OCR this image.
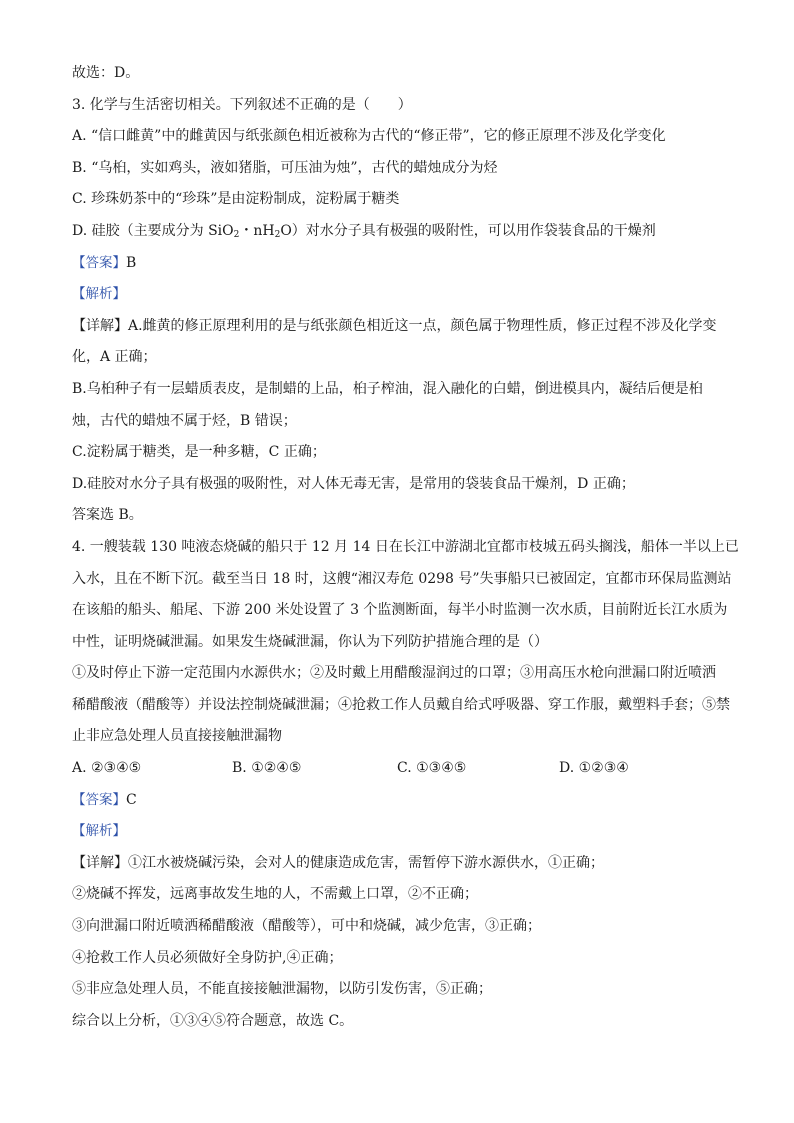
故选：D。
3. 化学与生活密切相关。下列叙述不正确的是（　　）
A. “信口雌黄”中的雌黄因与纸张颜色相近被称为古代的“修正带”，它的修正原理不涉及化学变化
B. “乌桕，实如鸡头，液如猪脂，可压油为烛”，古代的蜡烛成分为烃
C. 珍珠奶茶中的“珍珠”是由淀粉制成，淀粉属于糖类
D. 硅胶（主要成分为 SiO$_2$・$nH_2O$）对水分子具有极强的吸附性，可以用作袋装食品的干燥剂
【答案】B
【解析】
【详解】A.雌黄的修正原理利用的是与纸张颜色相近这一点，颜色属于物理性质，修正过程不涉及化学变
化，A 正确；
B.乌桕种子有一层蜡质表皮，是制蜡的上品，桕子榨油，混入融化的白蜡，倒进模具内，凝结后便是桕
烛，古代的蜡烛不属于烃，B 错误；
C.淀粉属于糖类，是一种多糖，C 正确；
D.硅胶对水分子具有极强的吸附性，对人体无毒无害，是常用的袋装食品干燥剂，D 正确；
答案选 B。
4. 一艘装载 130 吨液态烧碱的船只于 12 月 14 日在长江中游湖北宜都市枝城五码头搁浅，船体一半以上已
入水，且在不断下沉。截至当日 18 时，这艘“湘汉寿危 0298 号”失事船只已被固定，宜都市环保局监测站
在该船的船头、船尾、下游 200 米处设置了 3 个监测断面，每半小时监测一次水质，目前附近长江水质为
中性，证明烧碱泄漏。如果发生烧碱泄漏，你认为下列防护措施合理的是（）
①及时停止下游一定范围内水源供水；②及时戴上用醋酸湿润过的口罩；③用高压水枪向泄漏口附近喷洒
稀醋酸液（醋酸等）并设法控制烧碱泄漏；④抢救工作人员戴自给式呼吸器、穿工作服，戴塑料手套；⑤禁
止非应急处理人员直接接触泄漏物
A. ②③④⑤	B. ①②④⑤	C. ①③④⑤	D. ①②③④
【答案】C
【解析】
【详解】①江水被烧碱污染，会对人的健康造成危害，需暂停下游水源供水，①正确；
②烧碱不挥发，远离事故发生地的人，不需戴上口罩，②不正确；
③向泄漏口附近喷洒稀醋酸液（醋酸等），可中和烧碱，减少危害，③正确；
④抢救工作人员必须做好全身防护,④正确；
⑤非应急处理人员，不能直接接触泄漏物，以防引发伤害，⑤正确；
综合以上分析，①③④⑤符合题意，故选 C。
